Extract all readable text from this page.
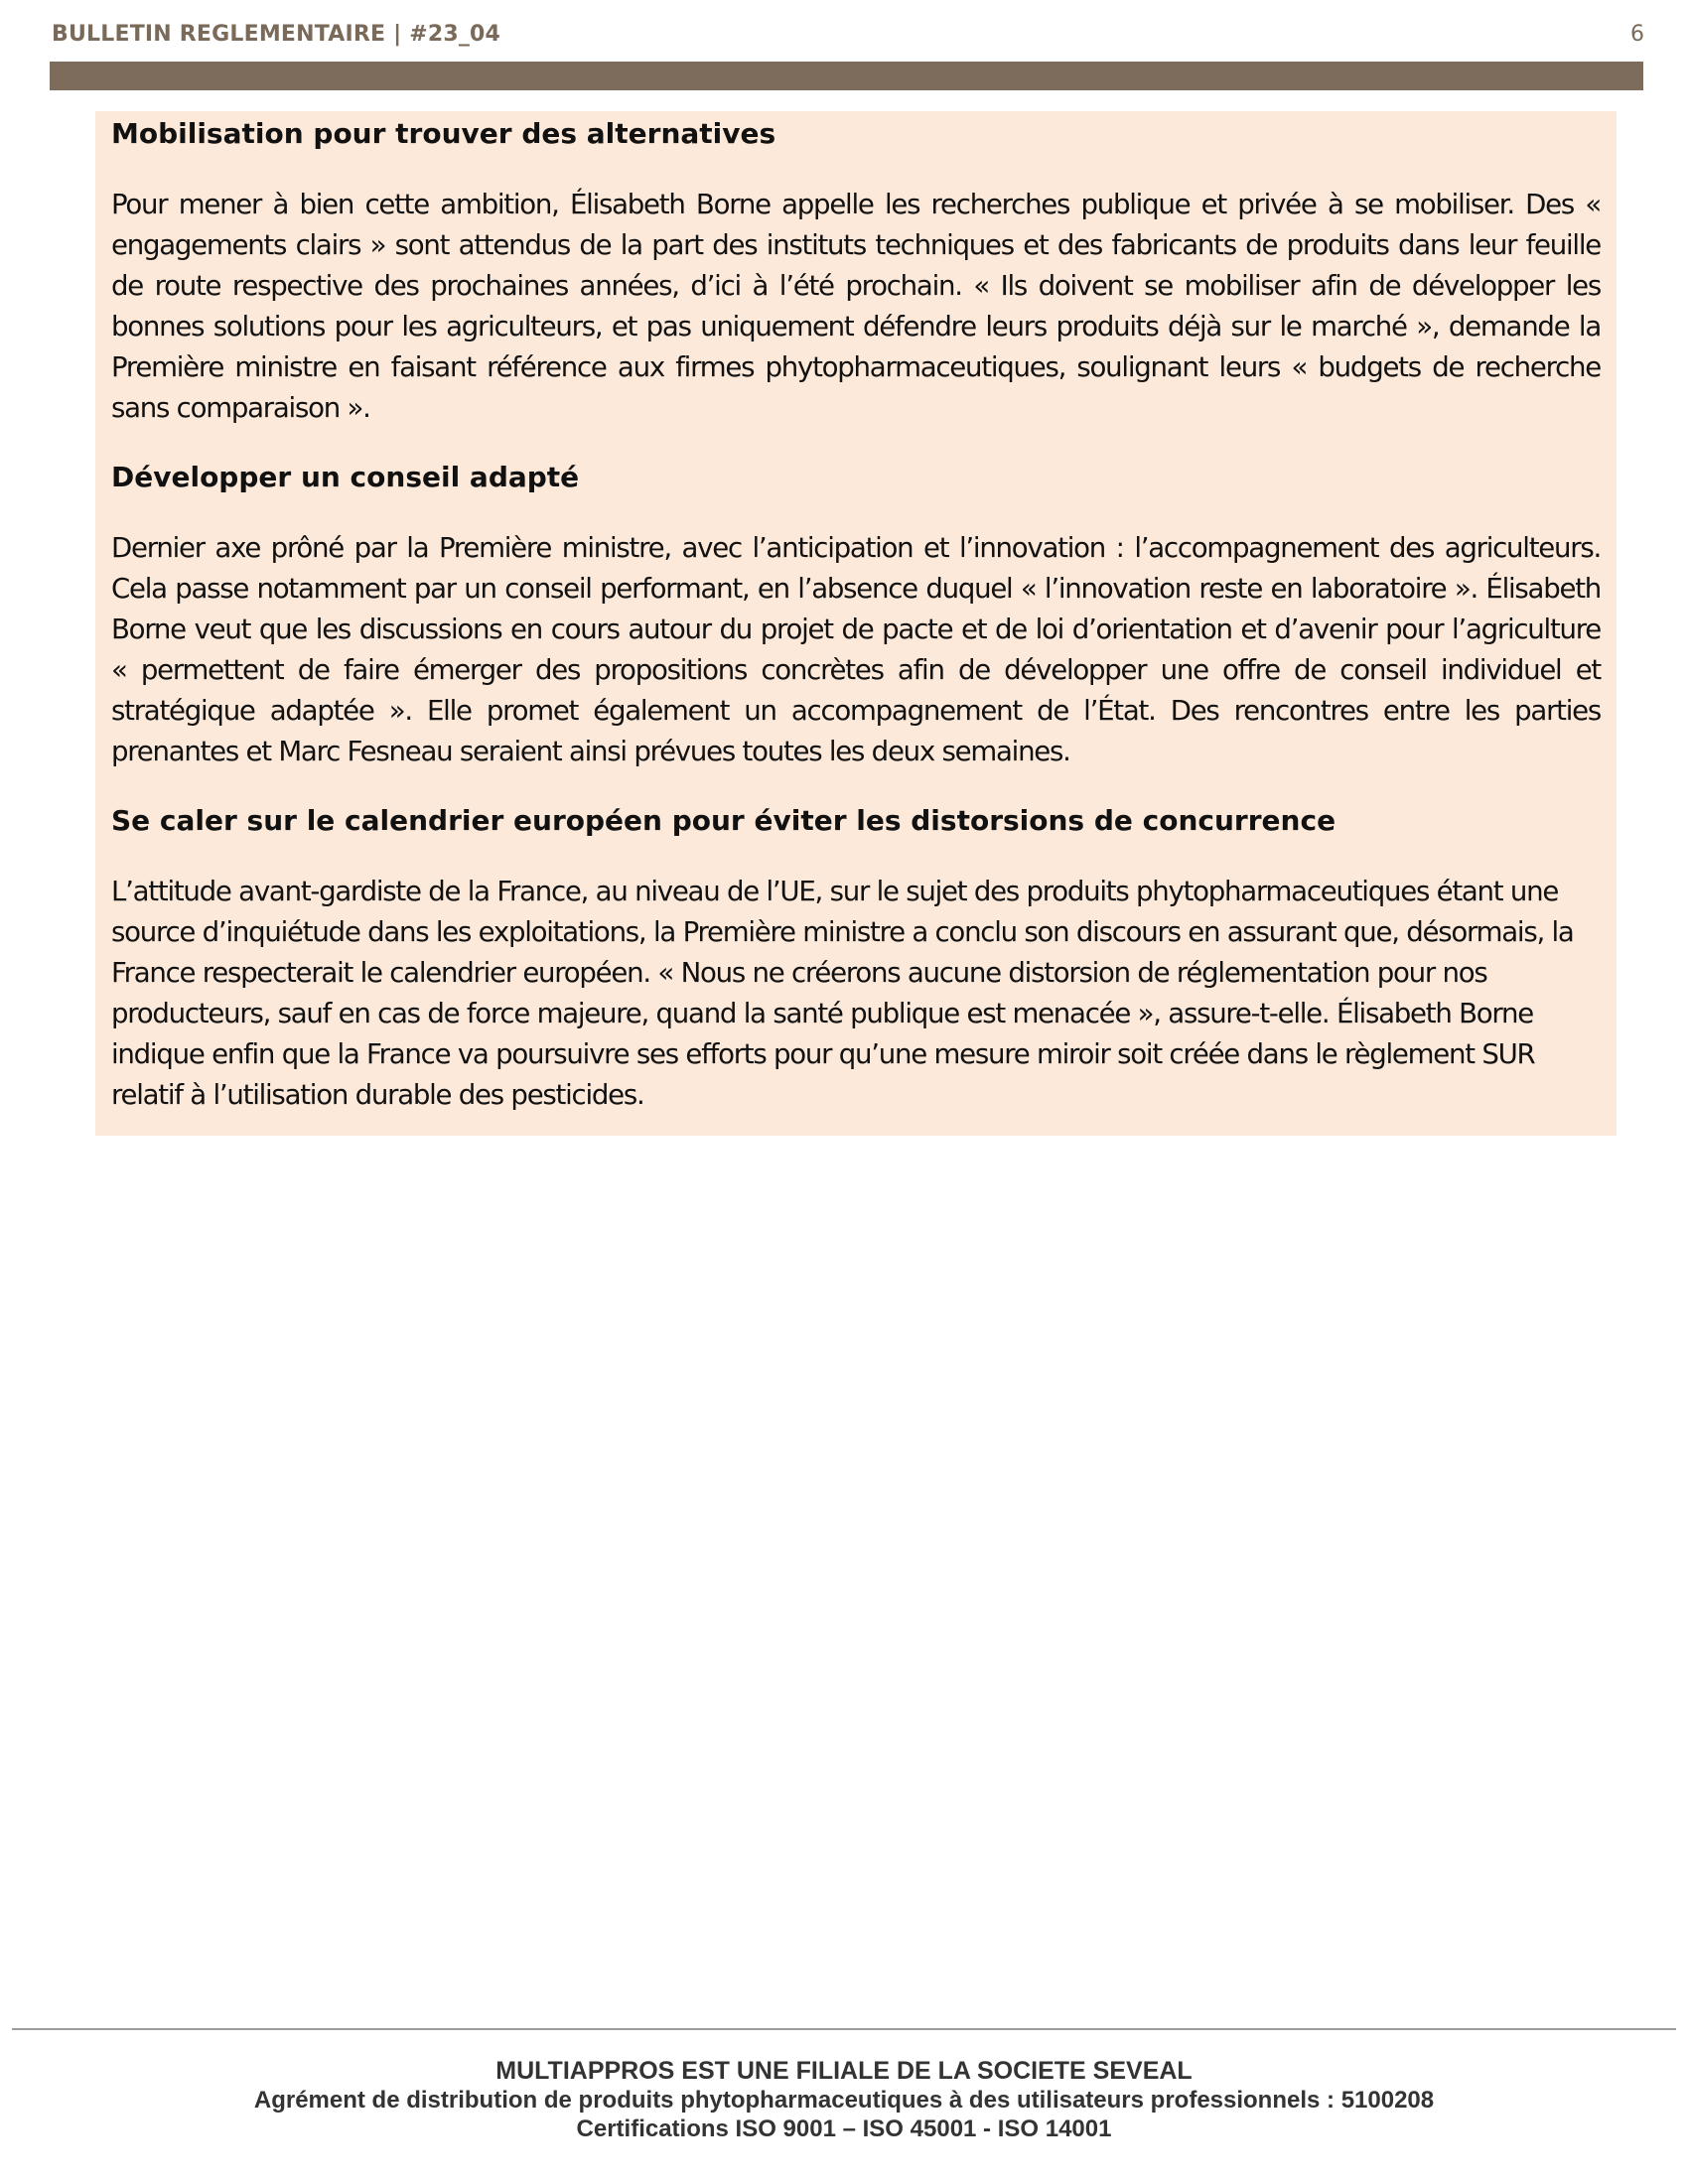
BULLETIN REGLEMENTAIRE | #23_04	6
Mobilisation pour trouver des alternatives

Pour mener à bien cette ambition, Élisabeth Borne appelle les recherches publique et privée à se mobiliser. Des « engagements clairs » sont attendus de la part des instituts techniques et des fabricants de produits dans leur feuille de route respective des prochaines années, d’ici à l’été prochain. « Ils doivent se mobiliser afin de développer les bonnes solutions pour les agriculteurs, et pas uniquement défendre leurs produits déjà sur le marché », demande la Première ministre en faisant référence aux firmes phytopharmaceutiques, soulignant leurs « budgets de recherche sans comparaison ».

Développer un conseil adapté

Dernier axe prôné par la Première ministre, avec l’anticipation et l’innovation : l’accompagnement des agriculteurs. Cela passe notamment par un conseil performant, en l’absence duquel « l’innovation reste en laboratoire ». Élisabeth Borne veut que les discussions en cours autour du projet de pacte et de loi d’orientation et d’avenir pour l’agriculture « permettent de faire émerger des propositions concrètes afin de développer une offre de conseil individuel et stratégique adaptée ». Elle promet également un accompagnement de l’État. Des rencontres entre les parties prenantes et Marc Fesneau seraient ainsi prévues toutes les deux semaines.

Se caler sur le calendrier européen pour éviter les distorsions de concurrence

L’attitude avant-gardiste de la France, au niveau de l’UE, sur le sujet des produits phytopharmaceutiques étant une source d’inquiétude dans les exploitations, la Première ministre a conclu son discours en assurant que, désormais, la France respecterait le calendrier européen. « Nous ne créerons aucune distorsion de réglementation pour nos producteurs, sauf en cas de force majeure, quand la santé publique est menacée », assure-t-elle. Élisabeth Borne indique enfin que la France va poursuivre ses efforts pour qu’une mesure miroir soit créée dans le règlement SUR relatif à l’utilisation durable des pesticides.

MULTIAPPROS EST UNE FILIALE DE LA SOCIETE SEVEAL
Agrément de distribution de produits phytopharmaceutiques à des utilisateurs professionnels : 5100208
Certifications ISO 9001 – ISO 45001 - ISO 14001
